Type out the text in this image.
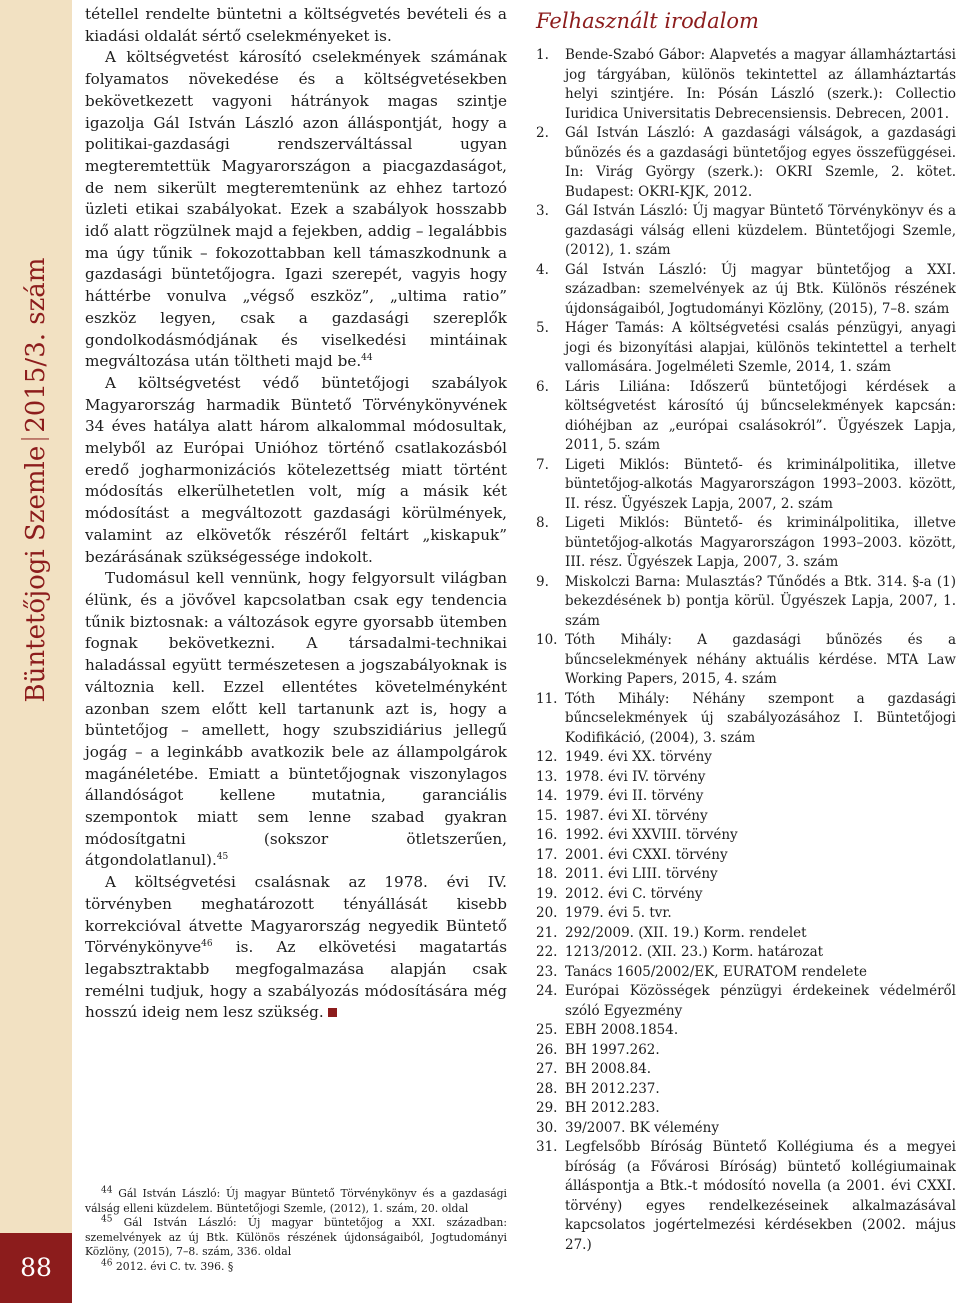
Büntetőjogi Szemle2015/3. szám
88

tétellel rendelte büntetni a költségvetés bevételi és a kiadási oldalát sértő cselekményeket is.

A költségvetést károsító cselekmények számának folyamatos növekedése és a költségvetésekben bekövetkezett vagyoni hátrányok magas szintje igazolja Gál István László azon álláspontját, hogy a politikai-gazdasági rendszerváltással ugyan megteremtettük Magyarországon a piacgazdaságot, de nem sikerült megteremtenünk az ehhez tartozó üzleti etikai szabályokat. Ezek a szabályok hosszabb idő alatt rögzülnek majd a fejekben, addig – legalábbis ma úgy tűnik – fokozottabban kell támaszkodnunk a gazdasági büntetőjogra. Igazi szerepét, vagyis hogy háttérbe vonulva „végső eszköz”, „ultima ratio” eszköz legyen, csak a gazdasági szereplők gondolkodásmódjának és viselkedési mintáinak megváltozása után töltheti majd be.$^{44}$

A költségvetést védő büntetőjogi szabályok Magyarország harmadik Büntető Törvénykönyvének 34 éves hatálya alatt három alkalommal módosultak, melyből az Európai Unióhoz történő csatlakozásból eredő jogharmonizációs kötelezettség miatt történt módosítás elkerülhetetlen volt, míg a másik két módosítást a megváltozott gazdasági körülmények, valamint az elkövetők részéről feltárt „kiskapuk” bezárásának szükségessége indokolt.

Tudomásul kell vennünk, hogy felgyorsult világban élünk, és a jövővel kapcsolatban csak egy tendencia tűnik biztosnak: a változások egyre gyorsabb ütemben fognak bekövetkezni. A társadalmi-technikai haladással együtt természetesen a jogszabályoknak is változnia kell. Ezzel ellentétes követelményként azonban szem előtt kell tartanunk azt is, hogy a büntetőjog – amellett, hogy szubszidiárius jellegű jogág – a leginkább avatkozik bele az állampolgárok magánéletébe. Emiatt a büntetőjognak viszonylagos állandóságot kellene mutatnia, garanciális szempontok miatt sem lenne szabad gyakran módosítgatni (sokszor ötletszerűen, átgondolatlanul).$^{45}$

A költségvetési csalásnak az 1978. évi IV. törvényben meghatározott tényállását kisebb korrekcióval átvette Magyarország negyedik Büntető Törvénykönyve$^{46}$ is. Az elkövetési magatartás legabsztraktabb megfogalmazása alapján csak remélni tudjuk, hogy a szabályozás módosítására még hosszú ideig nem lesz szükség.

$^{44}$ Gál István László: Új magyar Büntető Törvénykönyv és a gazdasági válság elleni küzdelem. Büntetőjogi Szemle, (2012), 1. szám, 20. oldal

$^{45}$ Gál István László: Új magyar büntetőjog a XXI. században: szemelvények az új Btk. Különös részének újdonságaiból, Jogtudományi Közlöny, (2015), 7–8. szám, 336. oldal

$^{46}$ 2012. évi C. tv. 396. §

Felhasznált irodalom
1. Bende-Szabó Gábor: Alapvetés a magyar államháztartási jog tárgyában, különös tekintettel az államháztartás helyi szintjére. In: Pósán László (szerk.): Collectio Iuridica Universitatis Debrecensiensis. Debrecen, 2001.
2. Gál István László: A gazdasági válságok, a gazdasági bűnözés és a gazdasági büntetőjog egyes összefüggései. In: Virág György (szerk.): OKRI Szemle, 2. kötet. Budapest: OKRI-KJK, 2012.
3. Gál István László: Új magyar Büntető Törvénykönyv és a gazdasági válság elleni küzdelem. Büntetőjogi Szemle, (2012), 1. szám
4. Gál István László: Új magyar büntetőjog a XXI. században: szemelvények az új Btk. Különös részének újdonságaiból, Jogtudományi Közlöny, (2015), 7–8. szám
5. Háger Tamás: A költségvetési csalás pénzügyi, anyagi jogi és bizonyítási alapjai, különös tekintettel a terhelt vallomására. Jogelméleti Szemle, 2014, 1. szám
6. Láris Liliána: Időszerű büntetőjogi kérdések a költségvetést károsító új bűncselekmények kapcsán: dióhéjban az „európai csalásokról”. Ügyészek Lapja, 2011, 5. szám
7. Ligeti Miklós: Büntető- és kriminálpolitika, illetve büntetőjog-alkotás Magyarországon 1993–2003. között, II. rész. Ügyészek Lapja, 2007, 2. szám
8. Ligeti Miklós: Büntető- és kriminálpolitika, illetve büntetőjog-alkotás Magyarországon 1993–2003. között, III. rész. Ügyészek Lapja, 2007, 3. szám
9. Miskolczi Barna: Mulasztás? Tűnődés a Btk. 314. §-a (1) bekezdésének b) pontja körül. Ügyészek Lapja, 2007, 1. szám
10. Tóth Mihály: A gazdasági bűnözés és a bűncselekmények néhány aktuális kérdése. MTA Law Working Papers, 2015, 4. szám
11. Tóth Mihály: Néhány szempont a gazdasági bűncselekmények új szabályozásához I. Büntetőjogi Kodifikáció, (2004), 3. szám
12. 1949. évi XX. törvény
13. 1978. évi IV. törvény
14. 1979. évi II. törvény
15. 1987. évi XI. törvény
16. 1992. évi XXVIII. törvény
17. 2001. évi CXXI. törvény
18. 2011. évi LIII. törvény
19. 2012. évi C. törvény
20. 1979. évi 5. tvr.
21. 292/2009. (XII. 19.) Korm. rendelet
22. 1213/2012. (XII. 23.) Korm. határozat
23. Tanács 1605/2002/EK, EURATOM rendelete
24. Európai Közösségek pénzügyi érdekeinek védelméről szóló Egyezmény
25. EBH 2008.1854.
26. BH 1997.262.
27. BH 2008.84.
28. BH 2012.237.
29. BH 2012.283.
30. 39/2007. BK vélemény
31. Legfelsőbb Bíróság Büntető Kollégiuma és a megyei bíróság (a Fővárosi Bíróság) büntető kollégiumainak álláspontja a Btk.-t módosító novella (a 2001. évi CXXI. törvény) egyes rendelkezéseinek alkalmazásával kapcsolatos jogértelmezési kérdésekben (2002. május 27.)
